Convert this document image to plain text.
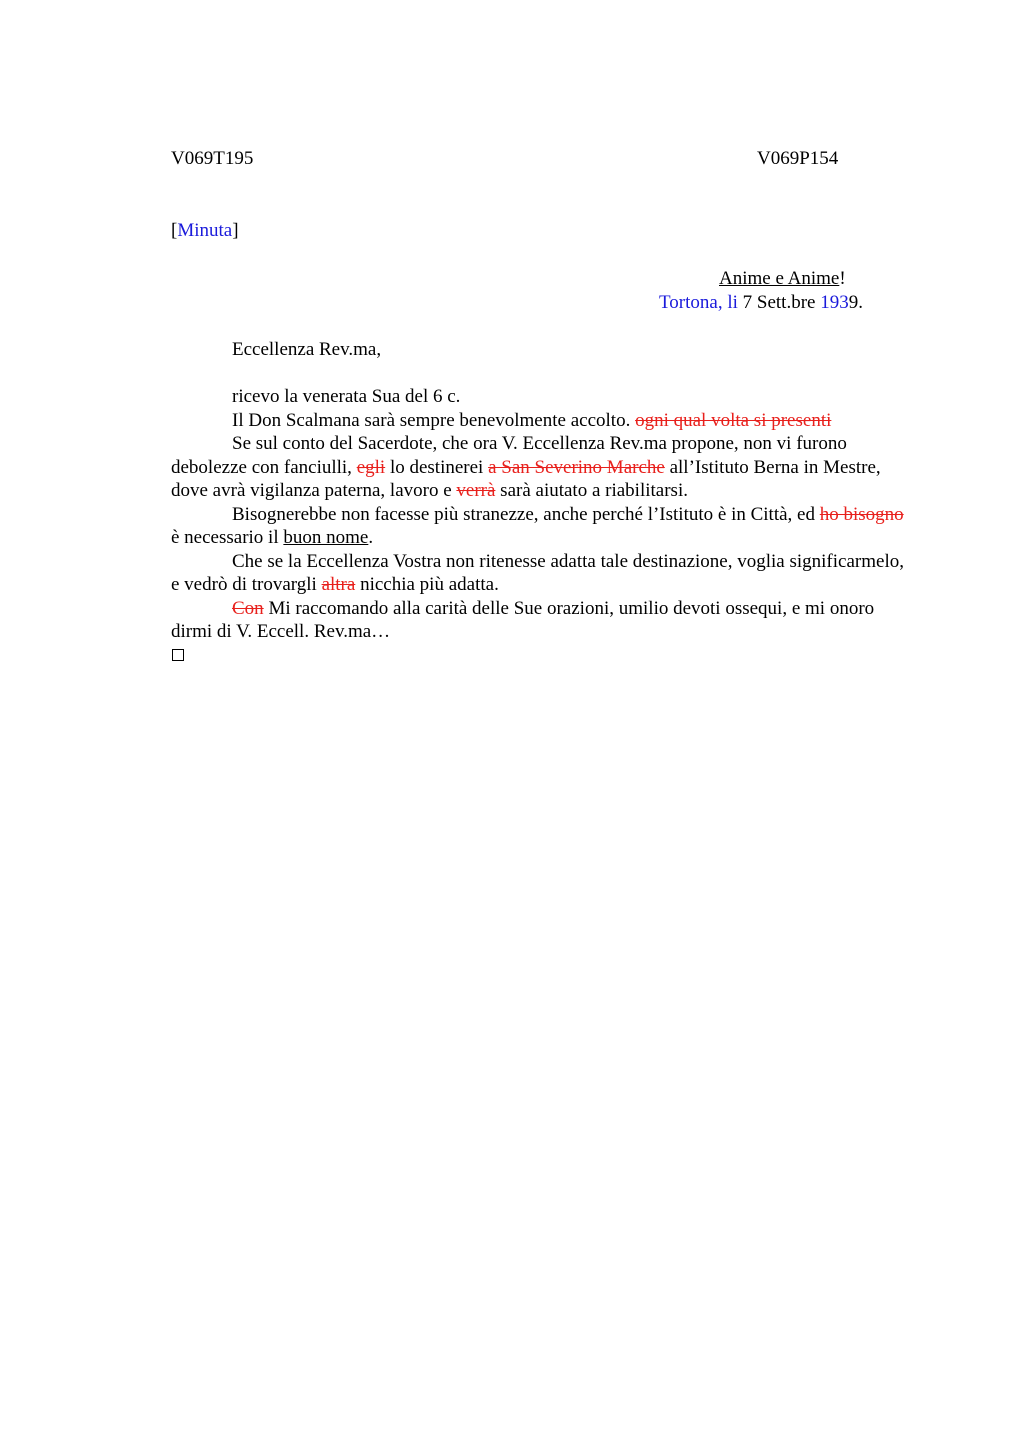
V069T195	V069P154
[Minuta]
Anime e Anime!
Tortona, li 7 Sett.bre 1939.
Eccellenza Rev.ma,
ricevo la venerata Sua del 6 c.
Il Don Scalmana sarà sempre benevolmente accolto. ogni qual volta si presenti
Se sul conto del Sacerdote, che ora V. Eccellenza Rev.ma propone, non vi furono debolezze con fanciulli, egli lo destinerei a San Severino Marche all’Istituto Berna in Mestre, dove avrà vigilanza paterna, lavoro e verrà sarà aiutato a riabilitarsi.
Bisognerebbe non facesse più stranezze, anche perché l’Istituto è in Città, ed ho bisogno è necessario il buon nome.
Che se la Eccellenza Vostra non ritenesse adatta tale destinazione, voglia significarmelo, e vedrò di trovargli altra nicchia più adatta.
Con Mi raccomando alla carità delle Sue orazioni, umilio devoti ossequi, e mi onoro dirmi di V. Eccell. Rev.ma…
